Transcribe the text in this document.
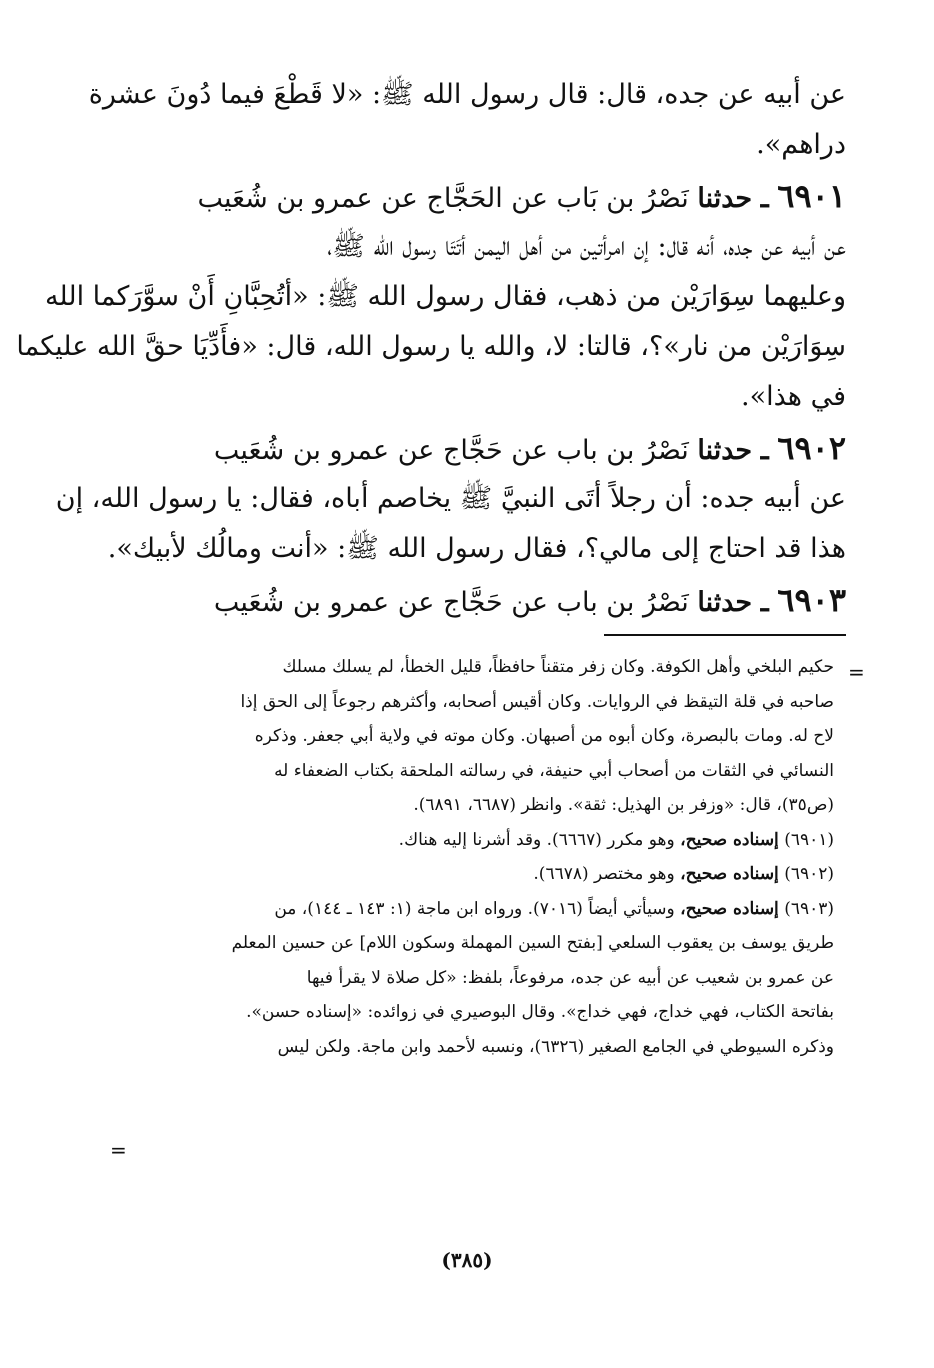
عن أبيه عن جده، قال: قال رسول الله ﷺ: «لا قَطْعَ فيما دُونَ عشرة
دراهم».
٦٩٠١ ـ حدثنا نَصْرُ بن بَاب عن الحَجَّاج عن عمرو بن شُعَيب
عن أبيه عن جده، أنه قال: إن امرأتين من أهل اليمن أتَتَا رسول الله ﷺ،
وعليهما سِوَارَيْن من ذهب، فقال رسول الله ﷺ: «أتُحِبَّانِ أَنْ سوَّرَكما الله
سِوَارَيْن من نار»؟، قالتا: لا، والله يا رسول الله، قال: «فأَدِّيَا حقَّ الله عليكما
في هذا».
٦٩٠٢ ـ حدثنا نَصْرُ بن باب عن حَجَّاج عن عمرو بن شُعَيب
عن أبيه جده: أن رجلاً أتَى النبيَّ ﷺ يخاصم أباه، فقال: يا رسول الله، إن
هذا قد احتاج إلى مالي؟، فقال رسول الله ﷺ: «أنت ومالُك لأبيك».
٦٩٠٣ ـ حدثنا نَصْرُ بن باب عن حَجَّاج عن عمرو بن شُعَيب
=
حكيم البلخي وأهل الكوفة. وكان زفر متقناً حافظاً، قليل الخطأ، لم يسلك مسلك
صاحبه في قلة التيقظ في الروايات. وكان أقيس أصحابه، وأكثرهم رجوعاً إلى الحق إذا
لاح له. ومات بالبصرة، وكان أبوه من أصبهان. وكان موته في ولاية أبي جعفر. وذكره
النسائي في الثقات من أصحاب أبي حنيفة، في رسالته الملحقة بكتاب الضعفاء له
(ص٣٥)، قال: «وزفر بن الهذيل: ثقة». وانظر (٦٦٨٧، ٦٨٩١).
(٦٩٠١) إسناده صحيح، وهو مكرر (٦٦٦٧). وقد أشرنا إليه هناك.
(٦٩٠٢) إسناده صحيح، وهو مختصر (٦٦٧٨).
(٦٩٠٣) إسناده صحيح، وسيأتي أيضاً (٧٠١٦). ورواه ابن ماجة (١: ١٤٣ ـ ١٤٤)، من
طريق يوسف بن يعقوب السلعي [بفتح السين المهملة وسكون اللام] عن حسين المعلم
عن عمرو بن شعيب عن أبيه عن جده، مرفوعاً، بلفظ: «كل صلاة لا يقرأ فيها
بفاتحة الكتاب، فهي خداج، فهي خداج». وقال البوصيري في زوائده: «إسناده حسن».
وذكره السيوطي في الجامع الصغير (٦٣٢٦)، ونسبه لأحمد وابن ماجة. ولكن ليس
=
(٣٨٥)
